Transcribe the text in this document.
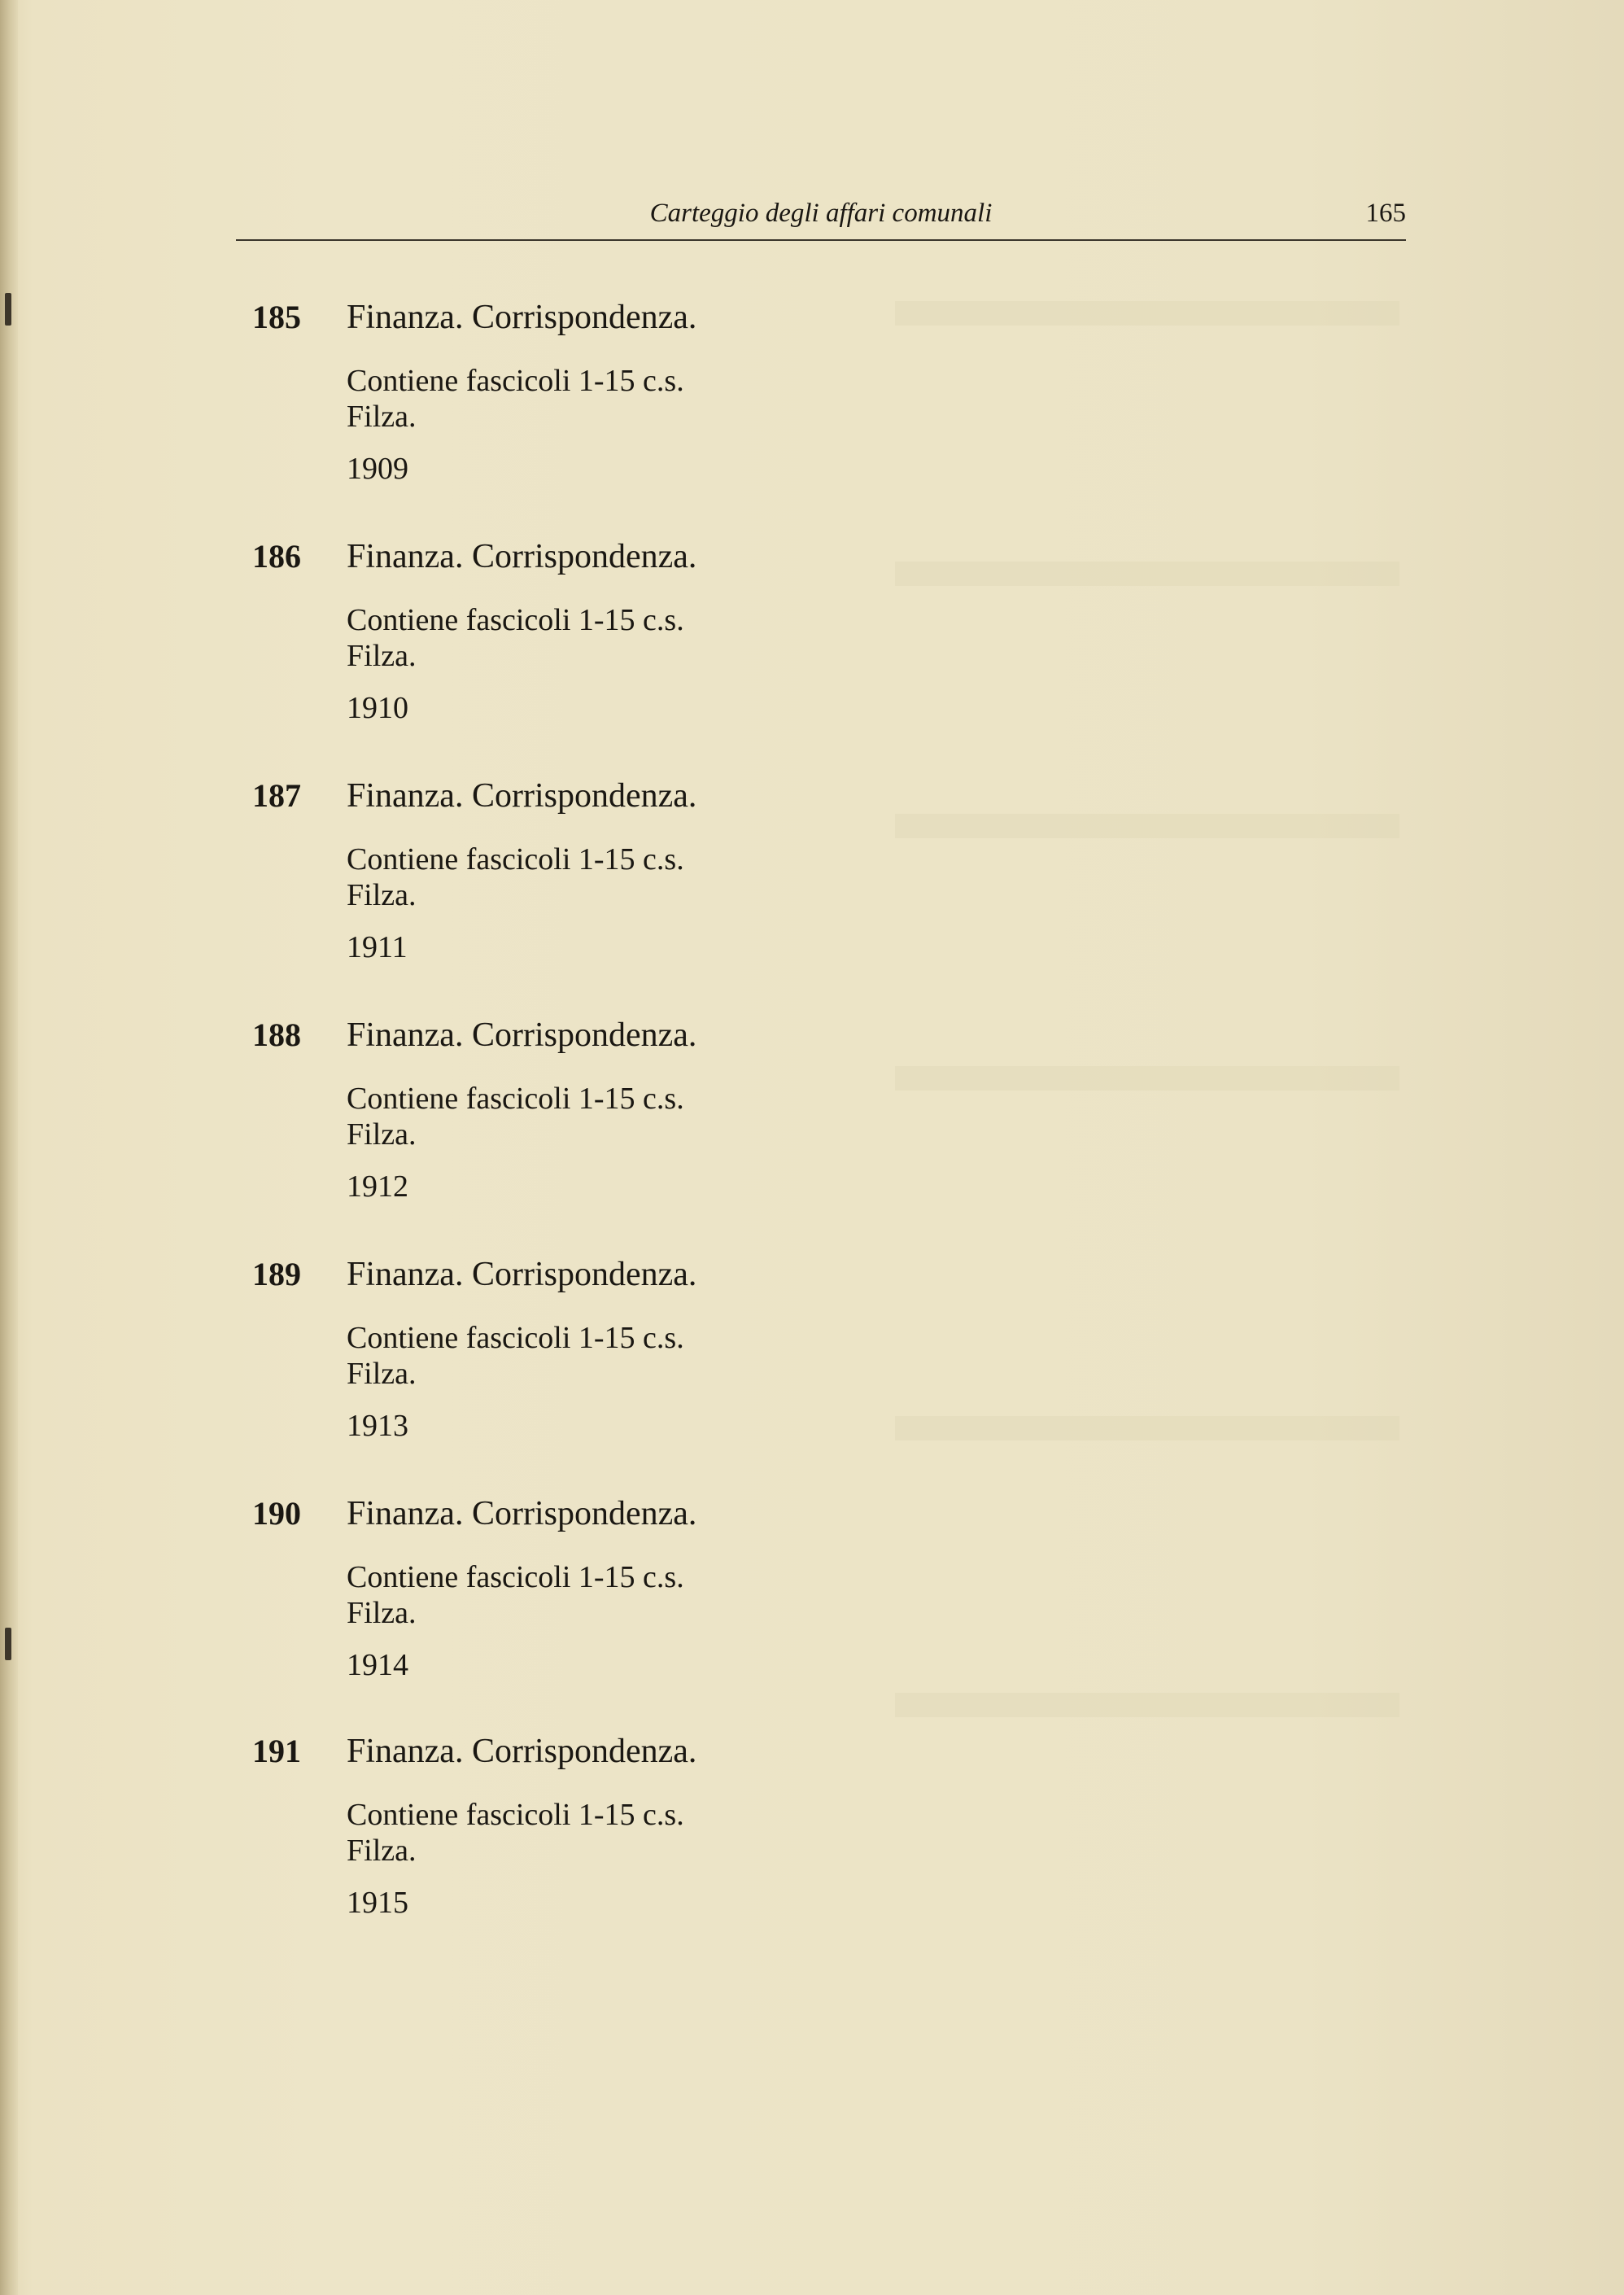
Carteggio degli affari comunali	165
185 Finanza. Corrispondenza.
Contiene fascicoli 1-15 c.s.
Filza.
1909
186 Finanza. Corrispondenza.
Contiene fascicoli 1-15 c.s.
Filza.
1910
187 Finanza. Corrispondenza.
Contiene fascicoli 1-15 c.s.
Filza.
1911
188 Finanza. Corrispondenza.
Contiene fascicoli 1-15 c.s.
Filza.
1912
189 Finanza. Corrispondenza.
Contiene fascicoli 1-15 c.s.
Filza.
1913
190 Finanza. Corrispondenza.
Contiene fascicoli 1-15 c.s.
Filza.
1914
191 Finanza. Corrispondenza.
Contiene fascicoli 1-15 c.s.
Filza.
1915
